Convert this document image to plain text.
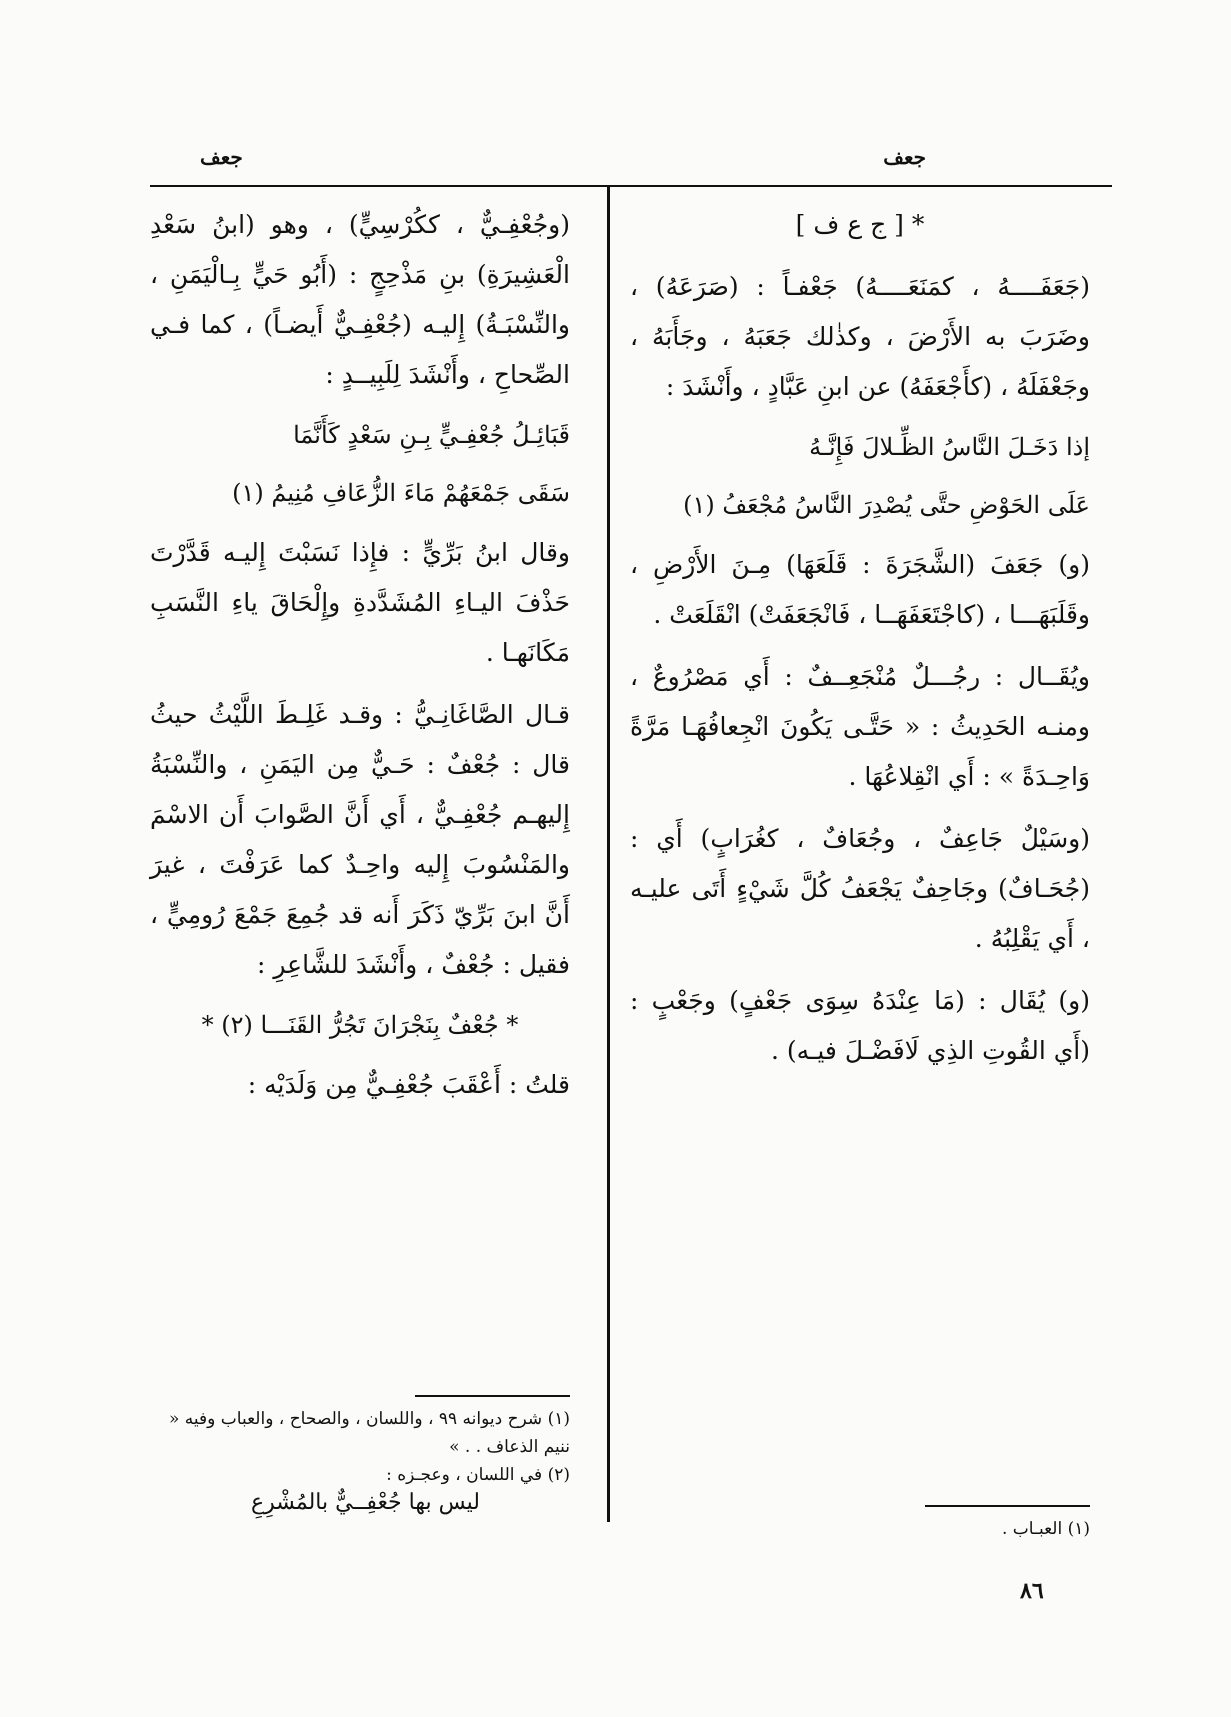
جعف
جعف

* [ ج ع ف ]

(جَعَفَــــهُ ، كمَنَعَــــهُ) جَعْفـاً : (صَرَعَهُ) ، وضَرَبَ به الأَرْضَ ، وكذٰلك جَعَبَهُ ، وجَأَبَهُ ، وجَعْفَلَهُ ، (كأَجْعَفَهُ) عن ابنِ عَبَّادٍ ، وأَنْشَدَ :

إذا دَخَـلَ النَّاسُ الظِّـلالَ فَإِنَّـهُ

عَلَى الحَوْضِ حتَّى يُصْدِرَ النَّاسُ مُجْعَفُ (١)

(و) جَعَفَ (الشَّجَرَةَ : قَلَعَهَا) مِـنَ الأَرْضِ ، وقَلَبَهَـــا ، (كاجْتَعَفَهَــا ، فَانْجَعَفَتْ) انْقَلَعَتْ .

ويُقَــال : رجُـــلٌ مُنْجَعِــفٌ : أَي مَصْرُوعٌ ، ومنـه الحَدِيثُ : « حَتَّـى يَكُونَ انْجِعافُهَـا مَرَّةً وَاحِـدَةً » : أَي انْقِلاعُهَا .

(وسَيْلٌ جَاعِفٌ ، وجُعَافٌ ، كغُرَابٍ) أَي : (جُحَـافٌ) وجَاحِفٌ يَجْعَفُ كُلَّ شَيْءٍ أَتَى عليـه ، أَي يَقْلِبُهُ .

(و) يُقَال : (مَا عِنْدَهُ سِوَى جَعْفٍ) وجَعْبٍ : (أَي القُوتِ الذِي لَافَضْـلَ فيـه) .

(وجُعْفِـيٌّ ، ككُرْسِيٍّ) ، وهو (ابنُ سَعْدِ الْعَشِيرَةِ) بنِ مَذْحِجٍ : (أَبُو حَيٍّ بِـالْيَمَنِ ، والنِّسْبَـةُ) إِليـه (جُعْفِـيٌّ أَيضـاً) ، كما فـي الصِّحاحِ ، وأَنْشَدَ لِلَبِيــدٍ :

قَبَائِـلُ جُعْفِـيٍّ بِـنِ سَعْدٍ كَأَنَّمَا

سَقَى جَمْعَهُمْ مَاءَ الزُّعَافِ مُنِيمُ (١)

وقال ابنُ بَرِّيٍّ : فإِذا نَسَبْتَ إِليـه قَدَّرْتَ حَذْفَ اليـاءِ المُشَدَّدةِ وإِلْحَاقَ ياءِ النَّسَبِ مَكَانَهـا .

قـال الصَّاغَانِـيُّ : وقـد غَلِـطَ اللَّيْثُ حيثُ قال : جُعْفٌ : حَـيٌّ مِن اليَمَنِ ، والنِّسْبَةُ إِليهـم جُعْفِـيٌّ ، أَي أَنَّ الصَّوابَ أَن الاسْمَ والمَنْسُوبَ إِليه واحِـدٌ كما عَرَفْتَ ، غيرَ أَنَّ ابنَ بَرِّيّ ذَكَرَ أَنه قد جُمِعَ جَمْعَ رُومِيٍّ ، فقيل : جُعْفٌ ، وأَنْشَدَ للشَّاعِرِ :

* جُعْفٌ بِنَجْرَانَ تَجُرُّ القَنَـــا (٢) *

قلتُ : أَعْقَبَ جُعْفِـيٌّ مِن وَلَدَيْه :

(١) شرح ديوانه ٩٩ ، واللسان ، والصحاح ، والعباب وفيه « ننيم الذعاف . . »
(٢) في اللسان ، وعجـزه :
ليس بها جُعْفِــيٌّ بالمُشْرِعِ
(١) العبـاب .
٨٦
